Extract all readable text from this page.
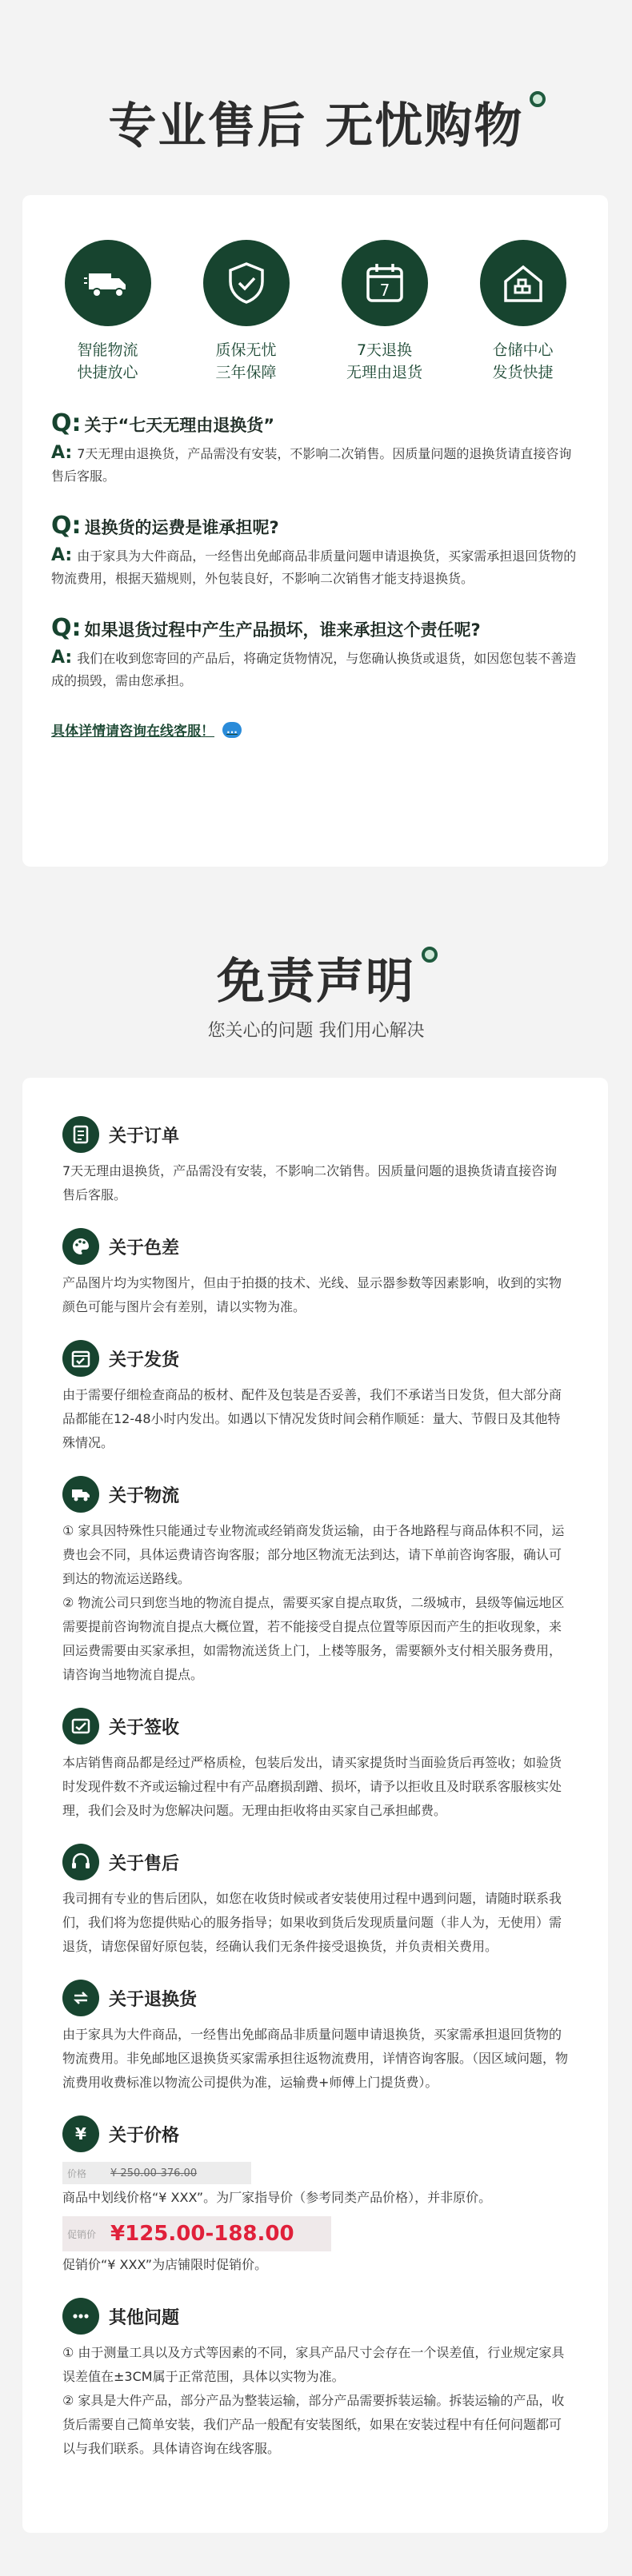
专业售后 无忧购物
智能物流
快捷放心
质保无忧
三年保障
7
7天退换
无理由退货
仓储中心
发货快捷
Q: 关于“七天无理由退换货”
A: 7天无理由退换货，产品需没有安装，不影响二次销售。因质量问题的退换货请直接咨询售后客服。
Q: 退换货的运费是谁承担呢?
A: 由于家具为大件商品，一经售出免邮商品非质量问题申请退换货，买家需承担退回货物的物流费用，根据天猫规则，外包装良好，不影响二次销售才能支持退换货。
Q: 如果退货过程中产生产品损坏，谁来承担这个责任呢?
A: 我们在收到您寄回的产品后，将确定货物情况，与您确认换货或退货，如因您包装不善造成的损毁，需由您承担。
具体详情请咨询在线客服！	...
免责声明
您关心的问题 我们用心解决
关于订单

7天无理由退换货，产品需没有安装，不影响二次销售。因质量问题的退换货请直接咨询售后客服。

关于色差

产品图片均为实物图片，但由于拍摄的技术、光线、显示器参数等因素影响，收到的实物颜色可能与图片会有差别，请以实物为准。

关于发货

由于需要仔细检查商品的板材、配件及包装是否妥善，我们不承诺当日发货，但大部分商品都能在12-48小时内发出。如遇以下情况发货时间会稍作顺延：量大、节假日及其他特殊情况。

关于物流

① 家具因特殊性只能通过专业物流或经销商发货运输，由于各地路程与商品体积不同，运费也会不同，具体运费请咨询客服；部分地区物流无法到达，请下单前咨询客服，确认可到达的物流运送路线。

② 物流公司只到您当地的物流自提点，需要买家自提点取货，二级城市，县级等偏远地区需要提前咨询物流自提点大概位置，若不能接受自提点位置等原因而产生的拒收现象，来回运费需要由买家承担，如需物流送货上门，上楼等服务，需要额外支付相关服务费用，请咨询当地物流自提点。

关于签收

本店销售商品都是经过严格质检，包装后发出，请买家提货时当面验货后再签收；如验货时发现件数不齐或运输过程中有产品磨损刮蹭、损坏，请予以拒收且及时联系客服核实处理，我们会及时为您解决问题。无理由拒收将由买家自己承担邮费。

关于售后

我司拥有专业的售后团队，如您在收货时候或者安装使用过程中遇到问题，请随时联系我们，我们将为您提供贴心的服务指导；如果收到货后发现质量问题（非人为，无使用）需退货，请您保留好原包装，经确认我们无条件接受退换货，并负责相关费用。

关于退换货

由于家具为大件商品，一经售出免邮商品非质量问题申请退换货，买家需承担退回货物的物流费用。非免邮地区退换货买家需承担往返物流费用，详情咨询客服。（因区域问题，物流费用收费标准以物流公司提供为准，运输费+师傅上门提货费）。

¥ 关于价格
价格 ¥ 250.00-376.00

商品中划线价格“¥ XXX”。为厂家指导价（参考同类产品价格），并非原价。

促销价 ¥125.00-188.00

促销价“¥ XXX”为店铺限时促销价。

其他问题

① 由于测量工具以及方式等因素的不同，家具产品尺寸会存在一个误差值，行业规定家具误差值在±3CM属于正常范围，具体以实物为准。

② 家具是大件产品，部分产品为整装运输，部分产品需要拆装运输。拆装运输的产品，收货后需要自己简单安装，我们产品一般配有安装图纸，如果在安装过程中有任何问题都可以与我们联系。具体请咨询在线客服。
